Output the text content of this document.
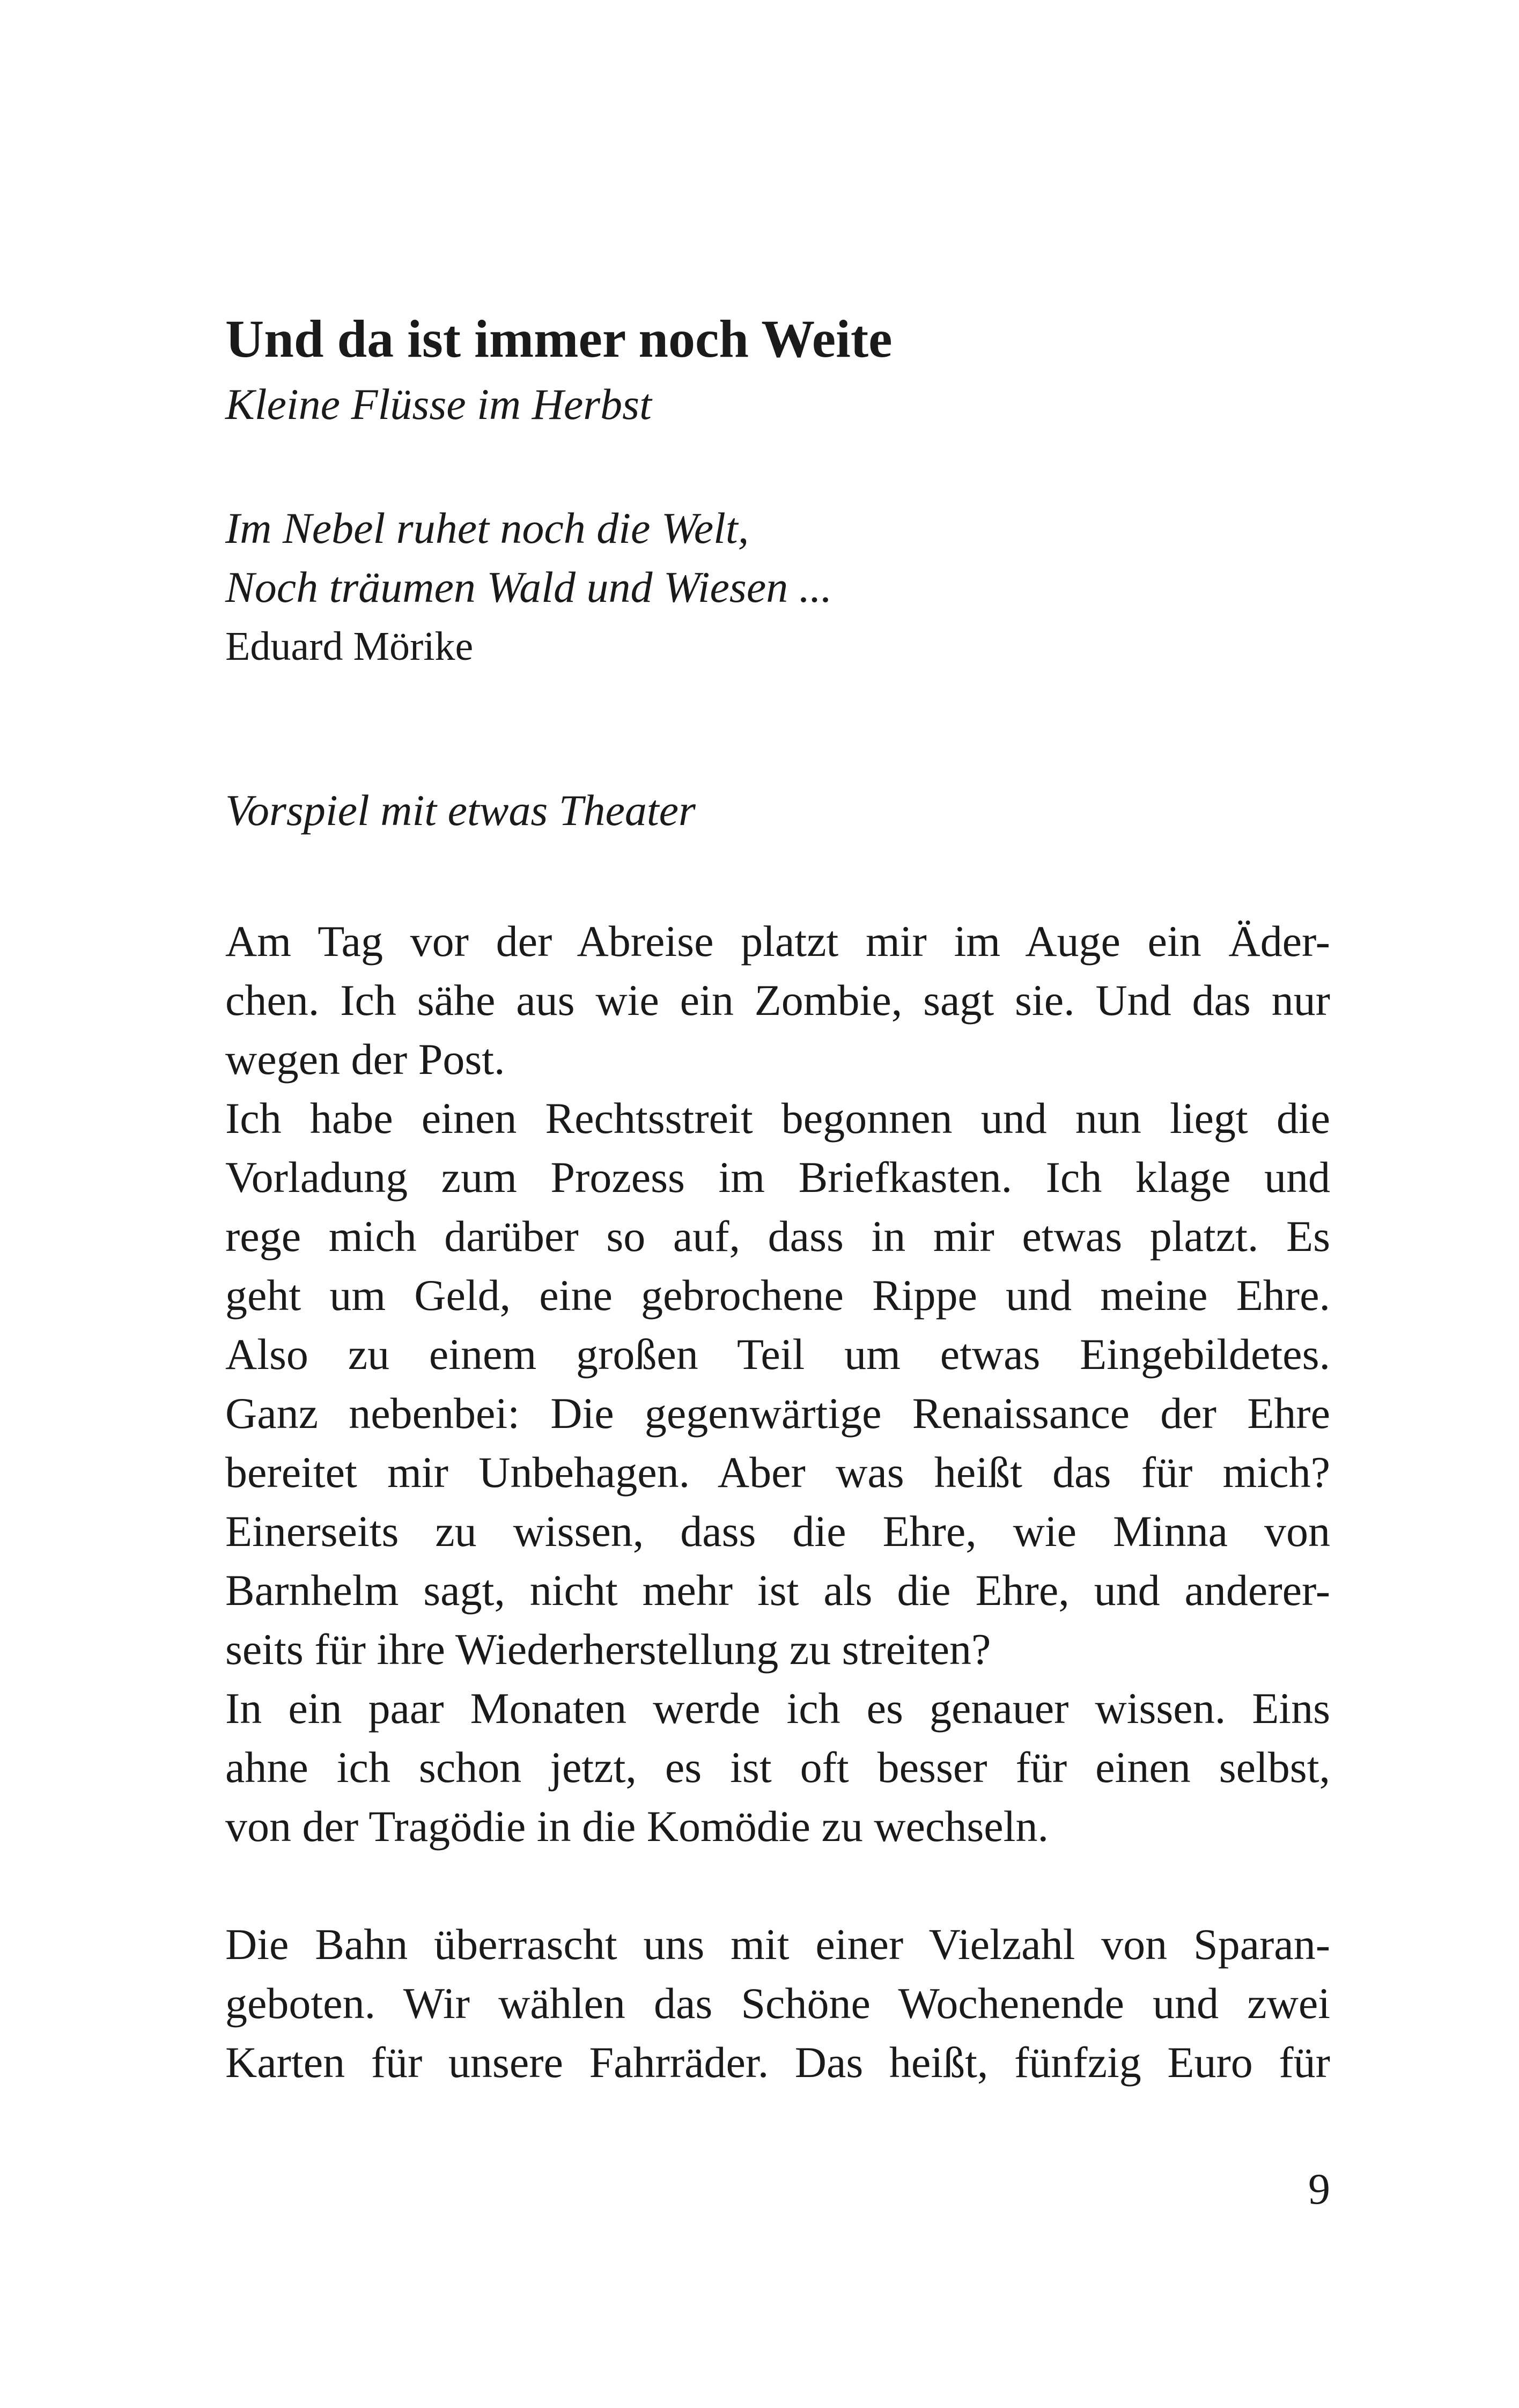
Und da ist immer noch Weite
Kleine Flüsse im Herbst
Im Nebel ruhet noch die Welt,
Noch träumen Wald und Wiesen ...
Eduard Mörike
Vorspiel mit etwas Theater
Am Tag vor der Abreise platzt mir im Auge ein Äder-
chen. Ich sähe aus wie ein Zombie, sagt sie. Und das nur
wegen der Post.
Ich habe einen Rechtsstreit begonnen und nun liegt die
Vorladung zum Prozess im Briefkasten. Ich klage und
rege mich darüber so auf, dass in mir etwas platzt. Es
geht um Geld, eine gebrochene Rippe und meine Ehre.
Also zu einem großen Teil um etwas Eingebildetes.
Ganz nebenbei: Die gegenwärtige Renaissance der Ehre
bereitet mir Unbehagen. Aber was heißt das für mich?
Einerseits zu wissen, dass die Ehre, wie Minna von
Barnhelm sagt, nicht mehr ist als die Ehre, und anderer-
seits für ihre Wiederherstellung zu streiten?
In ein paar Monaten werde ich es genauer wissen. Eins
ahne ich schon jetzt, es ist oft besser für einen selbst,
von der Tragödie in die Komödie zu wechseln.
Die Bahn überrascht uns mit einer Vielzahl von Sparan-
geboten. Wir wählen das Schöne Wochenende und zwei
Karten für unsere Fahrräder. Das heißt, fünfzig Euro für
9
